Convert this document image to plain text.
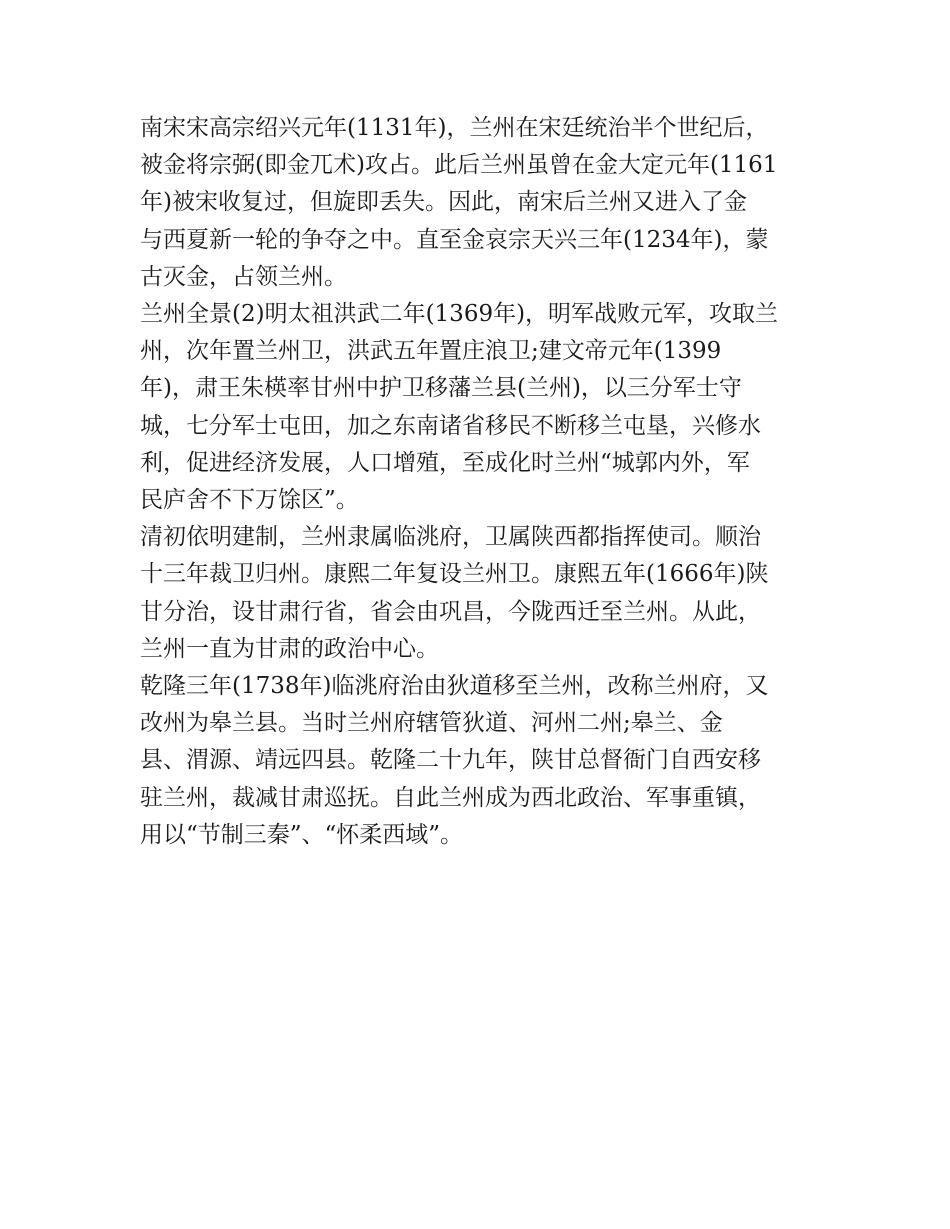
南宋宋高宗绍兴元年(1131年)，兰州在宋廷统治半个世纪后，
被金将宗弼(即金兀术)攻占。此后兰州虽曾在金大定元年(1161
年)被宋收复过，但旋即丢失。因此，南宋后兰州又进入了金
与西夏新一轮的争夺之中。直至金哀宗天兴三年(1234年)，蒙
古灭金，占领兰州。

兰州全景(2)明太祖洪武二年(1369年)，明军战败元军，攻取兰
州，次年置兰州卫，洪武五年置庄浪卫;建文帝元年(1399
年)，肃王朱楧率甘州中护卫移藩兰县(兰州)，以三分军士守
城，七分军士屯田，加之东南诸省移民不断移兰屯垦，兴修水
利，促进经济发展，人口增殖，至成化时兰州“城郭内外，军
民庐舍不下万馀区”。

清初依明建制，兰州隶属临洮府，卫属陕西都指挥使司。顺治
十三年裁卫归州。康熙二年复设兰州卫。康熙五年(1666年)陕
甘分治，设甘肃行省，省会由巩昌，今陇西迁至兰州。从此，
兰州一直为甘肃的政治中心。

乾隆三年(1738年)临洮府治由狄道移至兰州，改称兰州府，又
改州为皋兰县。当时兰州府辖管狄道、河州二州;皋兰、金
县、渭源、靖远四县。乾隆二十九年，陕甘总督衙门自西安移
驻兰州，裁减甘肃巡抚。自此兰州成为西北政治、军事重镇，
用以“节制三秦”、“怀柔西域”。
